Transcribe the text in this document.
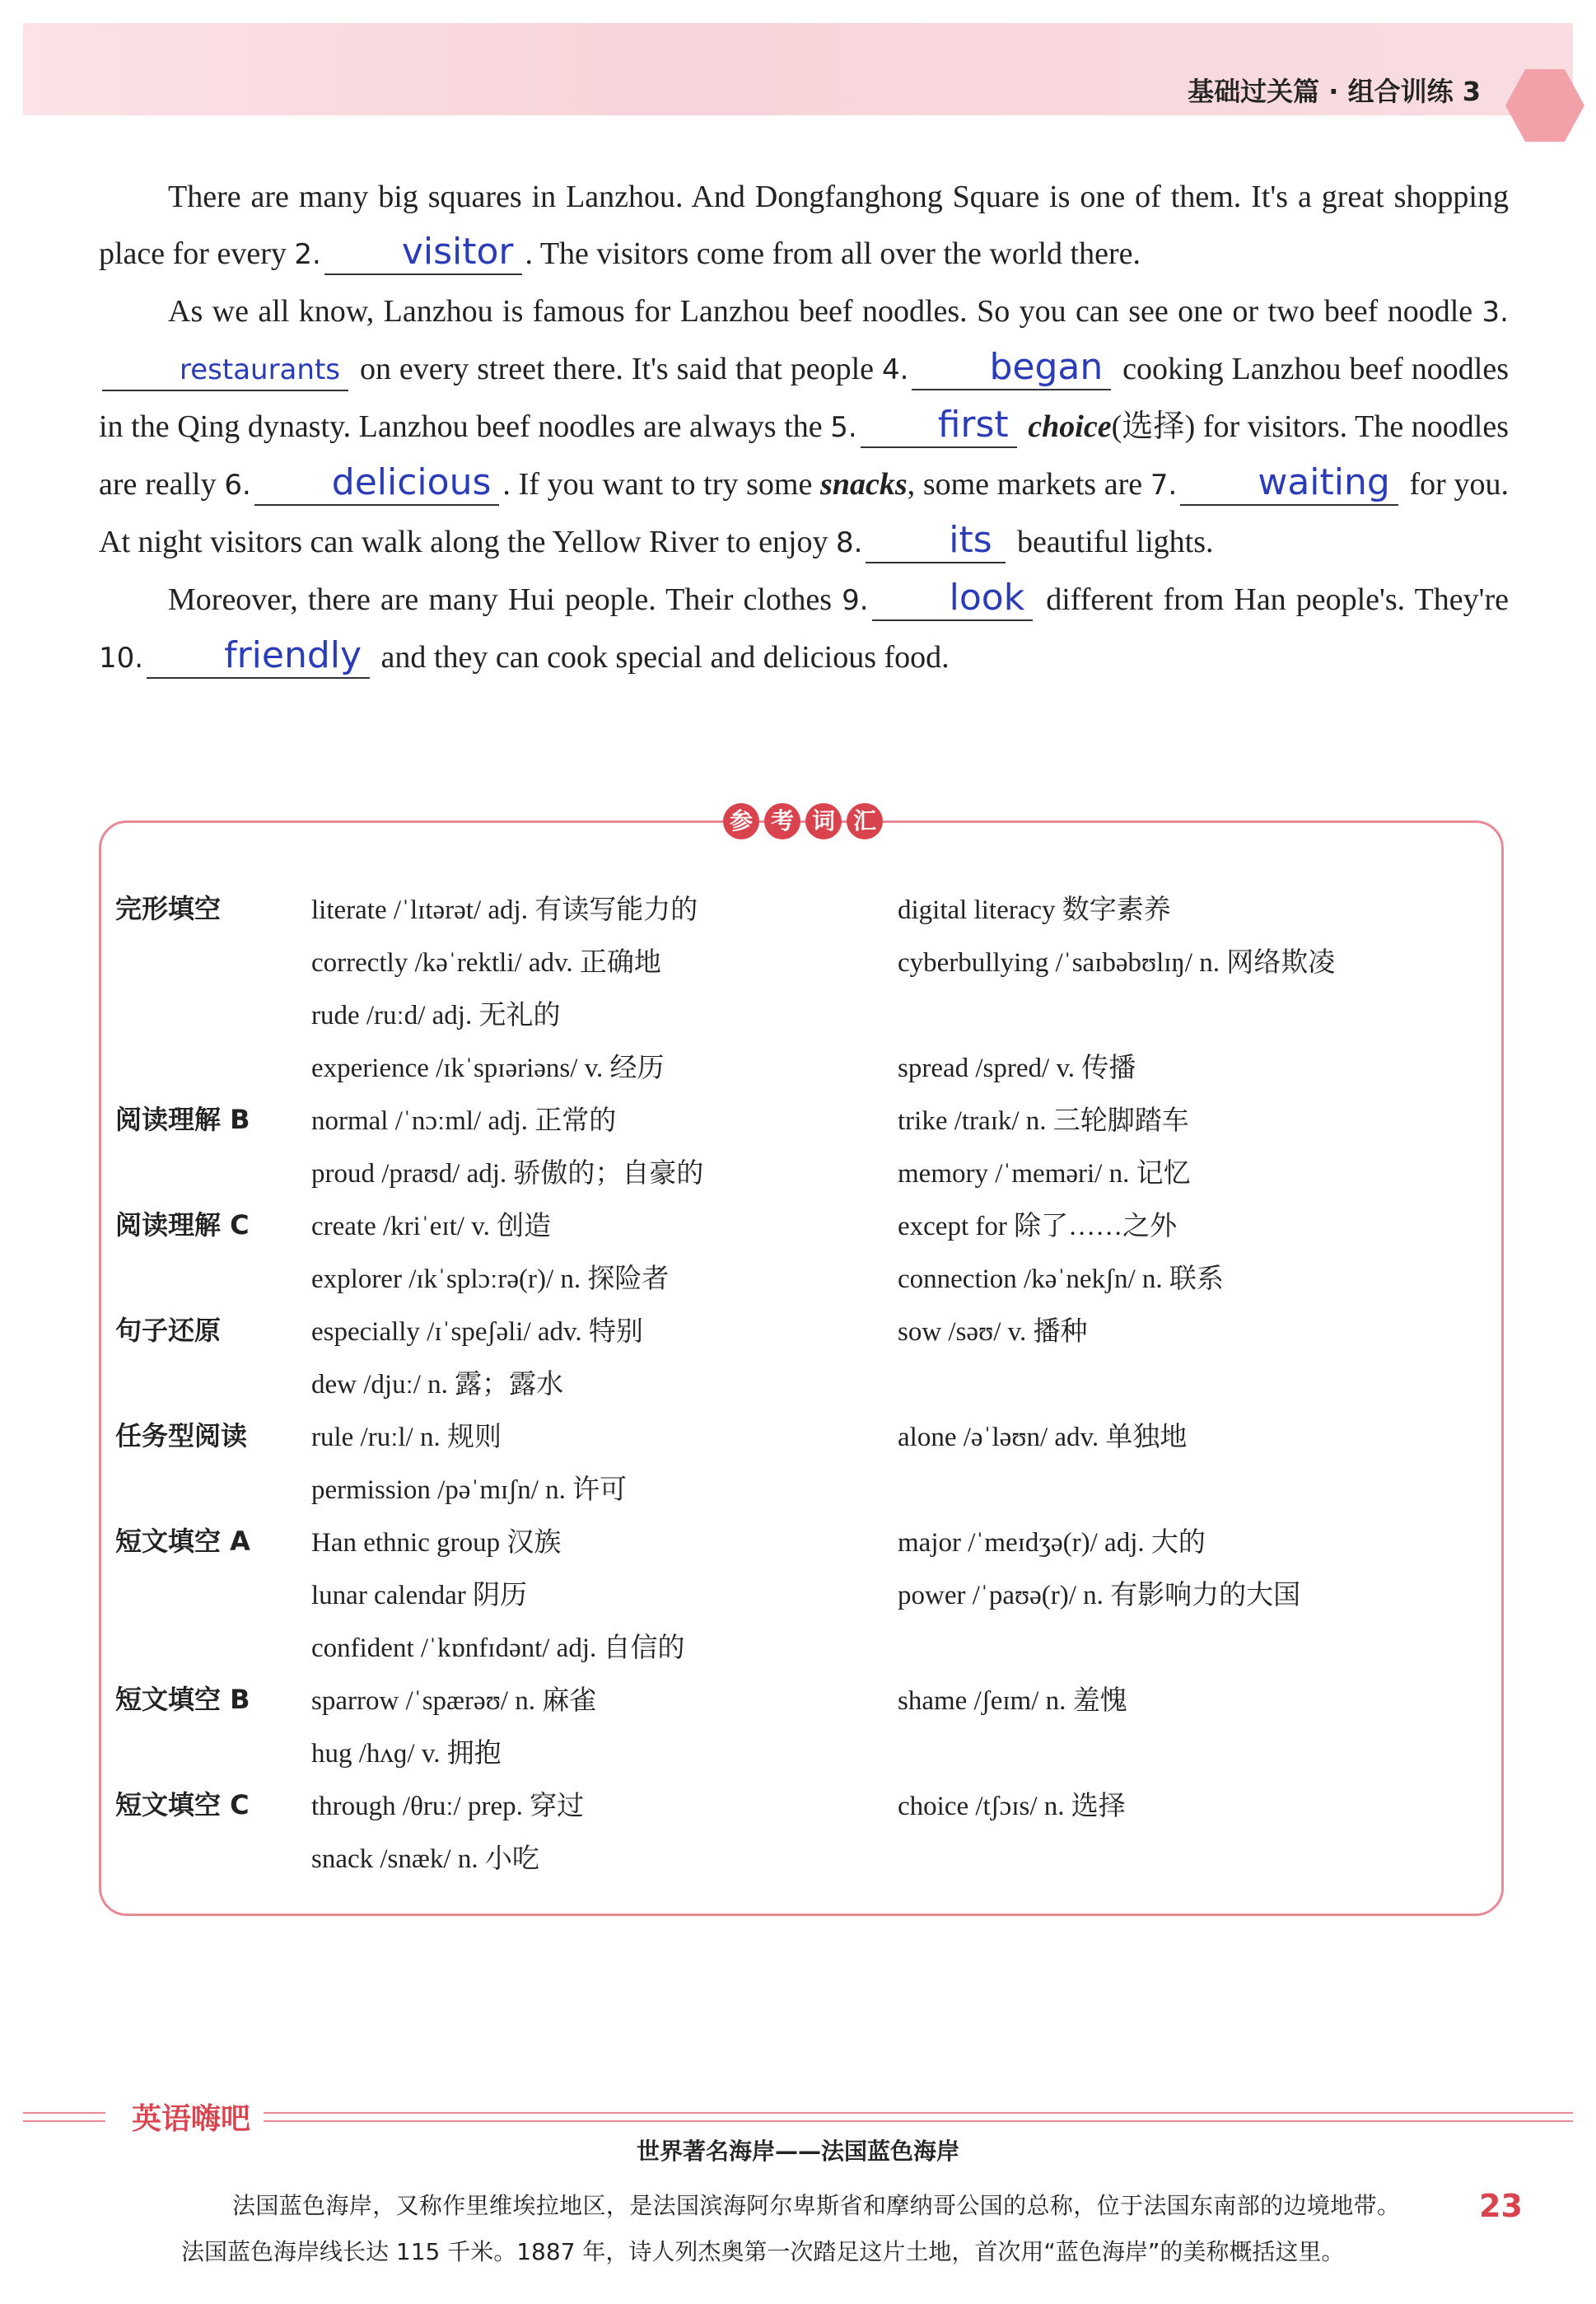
基础过关篇 · 组合训练 3

There are many big squares in Lanzhou. And Dongfanghong Square is one of them. It's a great shopping place for every 2. visitor . The visitors come from all over the world there.

As we all know, Lanzhou is famous for Lanzhou beef noodles. So you can see one or two beef noodle 3.restaurants on every street there. It's said that people 4. began cooking Lanzhou beef noodles in the Qing dynasty. Lanzhou beef noodles are always the 5. first choice(选择) for visitors. The noodles are really 6. delicious . If you want to try some snacks, some markets are 7. waiting for you. At night visitors can walk along the Yellow River to enjoy 8. its beautiful lights.

Moreover, there are many Hui people. Their clothes 9. look different from Han people's. They're 10. friendly and they can cook special and delicious food.

参 考 词 汇
完形填空	literate /ˈlɪtərət/ adj. 有读写能力的	digital literacy 数字素养
correctly /kəˈrektli/ adv. 正确地	cyberbullying /ˈsaɪbəbʊlɪŋ/ n. 网络欺凌
rude /ruːd/ adj. 无礼的
experience /ɪkˈspɪəriəns/ v. 经历	spread /spred/ v. 传播
阅读理解 B normal /ˈnɔːml/ adj. 正常的	trike /traɪk/ n. 三轮脚踏车
proud /praʊd/ adj. 骄傲的；自豪的	memory /ˈmeməri/ n. 记忆
阅读理解 C create /kriˈeɪt/ v. 创造	except for 除了……之外
explorer /ɪkˈsplɔːrə(r)/ n. 探险者	connection /kəˈnekʃn/ n. 联系
句子还原	especially /ɪˈspeʃəli/ adv. 特别	sow /səʊ/ v. 播种
dew /djuː/ n. 露；露水
任务型阅读 rule /ruːl/ n. 规则	alone /əˈləʊn/ adv. 单独地
permission /pəˈmɪʃn/ n. 许可
短文填空 A Han ethnic group 汉族	major /ˈmeɪdʒə(r)/ adj. 大的
lunar calendar 阴历	power /ˈpaʊə(r)/ n. 有影响力的大国
confident /ˈkɒnfɪdənt/ adj. 自信的
短文填空 B sparrow /ˈspærəʊ/ n. 麻雀	shame /ʃeɪm/ n. 羞愧
hug /hʌɡ/ v. 拥抱
短文填空 C through /θruː/ prep. 穿过	choice /tʃɔɪs/ n. 选择
snack /snæk/ n. 小吃
英语嗨吧
世界著名海岸——法国蓝色海岸
法国蓝色海岸，又称作里维埃拉地区，是法国滨海阿尔卑斯省和摩纳哥公国的总称，位于法国东南部的边境地带。法国蓝色海岸线长达 115 千米。1887 年，诗人列杰奥第一次踏足这片土地，首次用“蓝色海岸”的美称概括这里。
23
